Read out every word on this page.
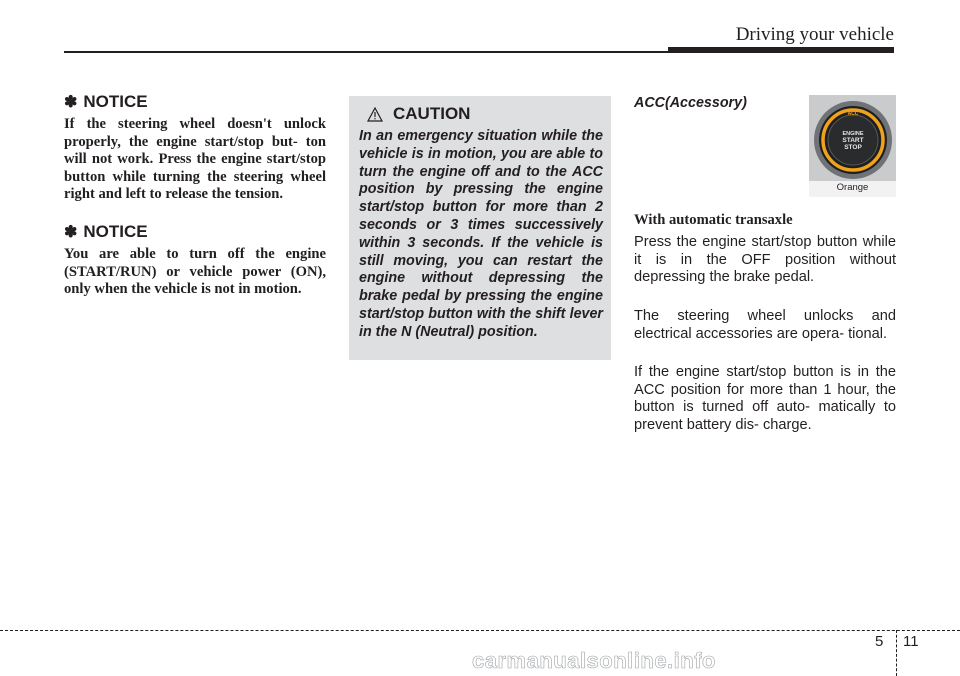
Driving your vehicle
✽ NOTICE

If the steering wheel doesn't unlock properly, the engine start/stop but- ton will not work. Press the engine start/stop button while turning the steering wheel right and left to release the tension.

✽ NOTICE

You are able to turn off the engine (START/RUN) or vehicle power (ON), only when the vehicle is not in motion.

CAUTION

In an emergency situation while the vehicle is in motion, you are able to turn the engine off and to the ACC position by pressing the engine start/stop button for more than 2 seconds or 3 times successively within 3 seconds. If the vehicle is still moving, you can restart the engine without depressing the brake pedal by pressing the engine start/stop button with the shift lever in the N (Neutral) position.

ACC(Accessory)
ACC
ENGINE
START
STOP
Orange
With automatic transaxle

Press the engine start/stop button while it is in the OFF position without depressing the brake pedal.

The steering wheel unlocks and electrical accessories are opera- tional.

If the engine start/stop button is in the ACC position for more than 1 hour, the button is turned off auto- matically to prevent battery dis- charge.

5 11
carmanualsonline.info
